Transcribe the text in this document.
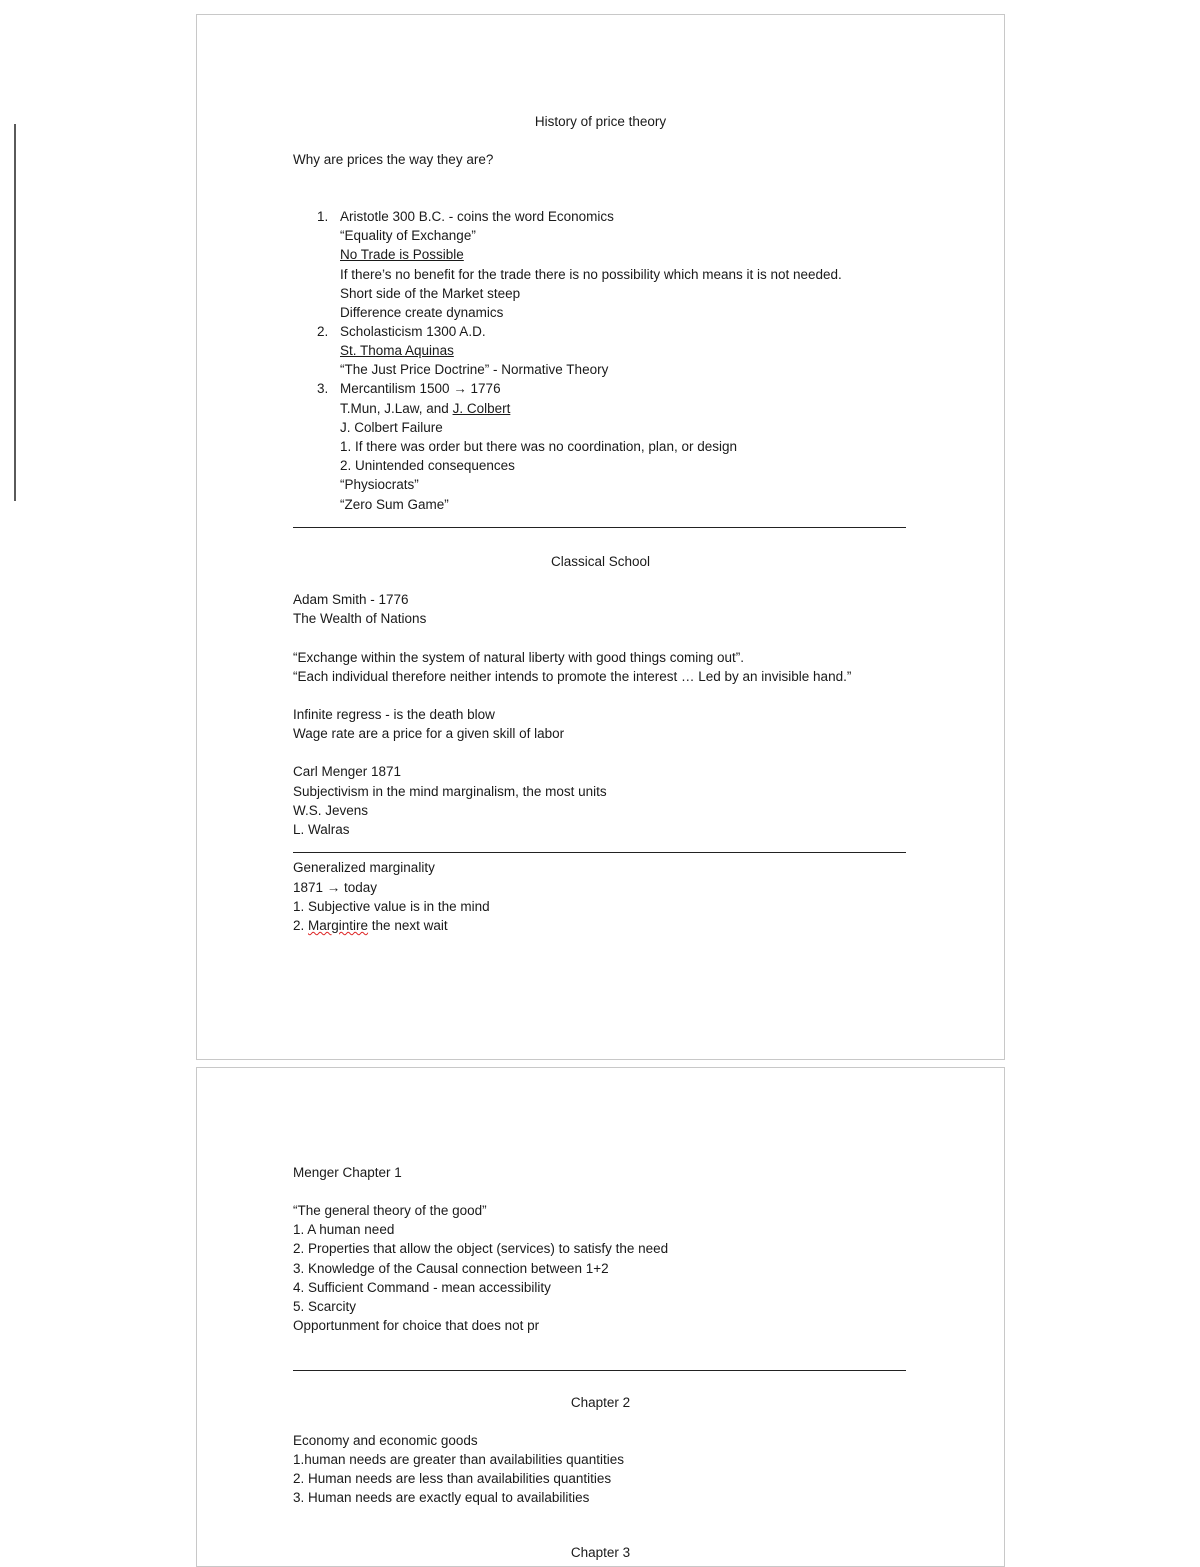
History of price theory
Why are prices the way they are?
1. Aristotle 300 B.C. - coins the word Economics
“Equality of Exchange”
No Trade is Possible
If there’s no benefit for the trade there is no possibility which means it is not needed.
Short side of the Market steep
Difference create dynamics
2. Scholasticism 1300 A.D.
St. Thoma Aquinas
“The Just Price Doctrine” - Normative Theory
3. Mercantilism 1500 → 1776
T.Mun, J.Law, and J. Colbert
J. Colbert Failure
1. If there was order but there was no coordination, plan, or design
2. Unintended consequences
“Physiocrats”
“Zero Sum Game”
Classical School
Adam Smith - 1776
The Wealth of Nations
“Exchange within the system of natural liberty with good things coming out”.
“Each individual therefore neither intends to promote the interest … Led by an invisible hand.”
Infinite regress - is the death blow
Wage rate are a price for a given skill of labor
Carl Menger 1871
Subjectivism in the mind marginalism, the most units
W.S. Jevens
L. Walras
Generalized marginality
1871 → today
1. Subjective value is in the mind
2. Margintire the next wait
Menger Chapter 1
“The general theory of the good”
1. A human need
2. Properties that allow the object (services) to satisfy the need
3. Knowledge of the Causal connection between 1+2
4. Sufficient Command - mean accessibility
5. Scarcity
Opportunment for choice that does not pr
Chapter 2
Economy and economic goods
1.human needs are greater than availabilities quantities
2. Human needs are less than availabilities quantities
3. Human needs are exactly equal to availabilities
Chapter 3
